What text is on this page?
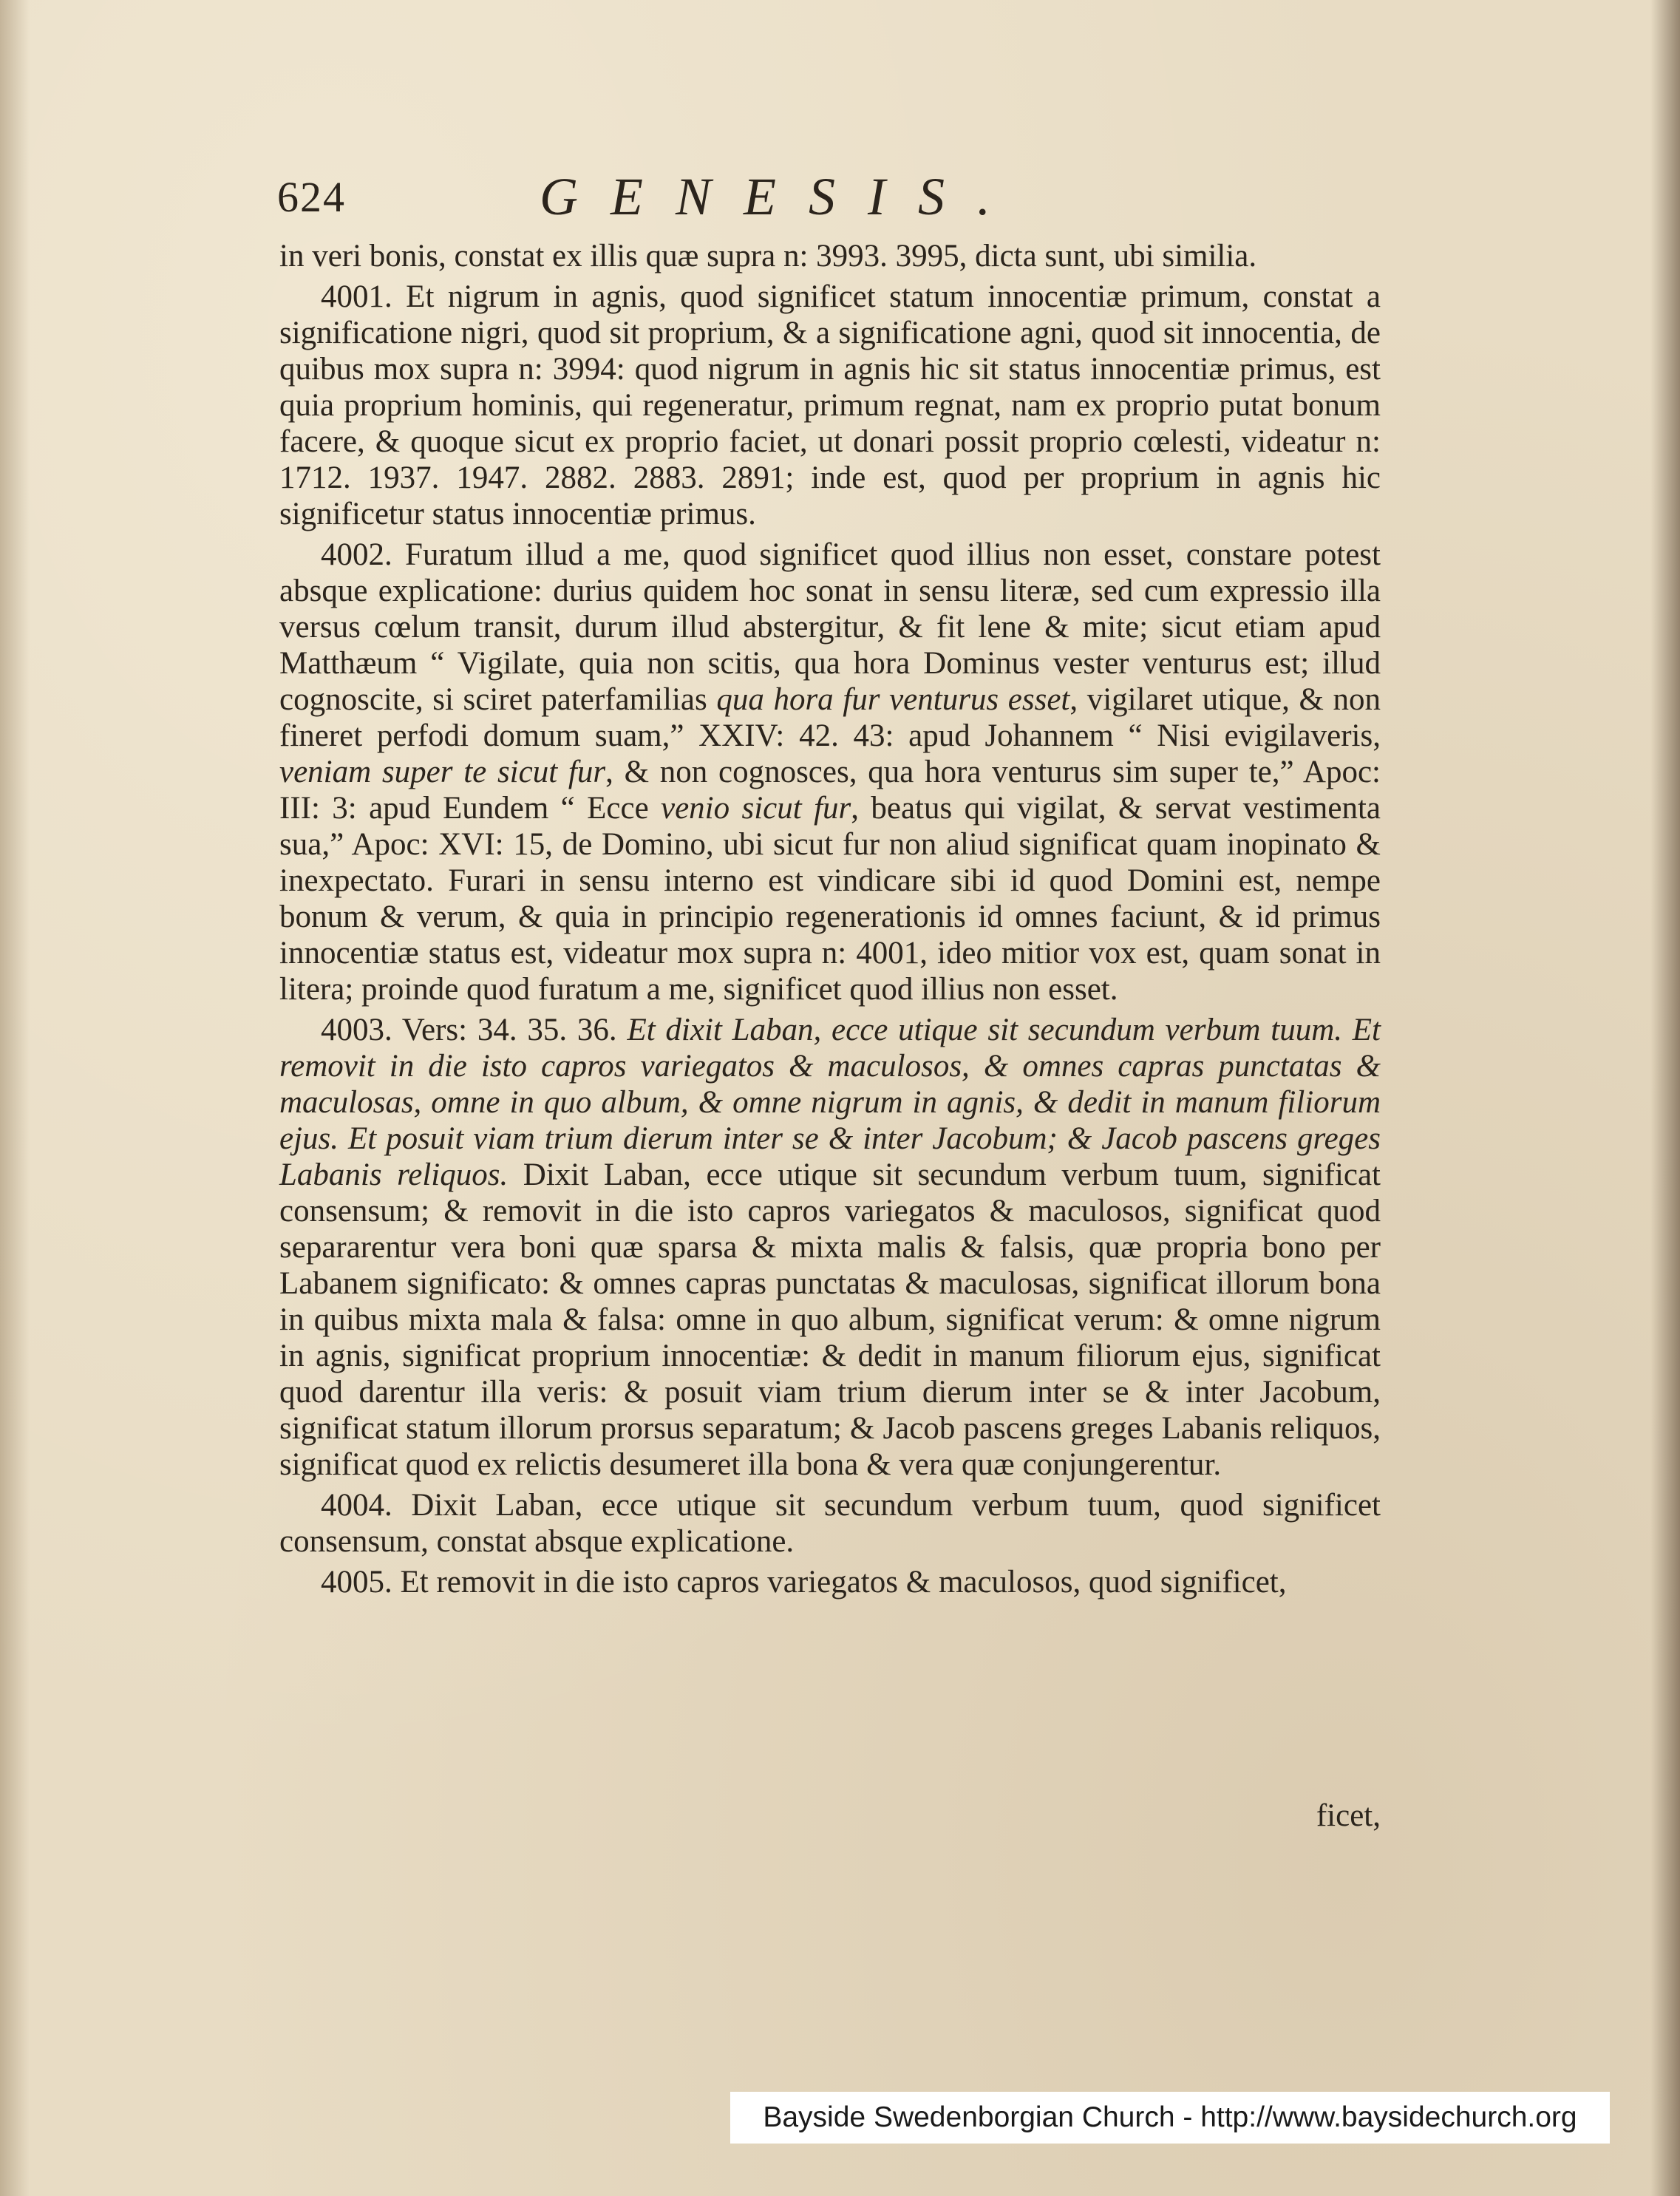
624	GENESIS.

in veri bonis, constat ex illis quæ supra n: 3993. 3995, dicta sunt, ubi similia.

4001. Et nigrum in agnis, quod significet statum innocentiæ primum, constat a significatione nigri, quod sit proprium, & a significatione agni, quod sit innocentia, de quibus mox supra n: 3994: quod nigrum in agnis hic sit status innocentiæ primus, est quia proprium hominis, qui regeneratur, primum regnat, nam ex proprio putat bonum facere, & quoque sicut ex proprio faciet, ut donari possit proprio cœlesti, videatur n: 1712. 1937. 1947. 2882. 2883. 2891; inde est, quod per proprium in agnis hic significetur status innocentiæ primus.

4002. Furatum illud a me, quod significet quod illius non esset, constare potest absque explicatione: durius quidem hoc sonat in sensu literæ, sed cum expressio illa versus cœlum transit, durum illud abstergitur, & fit lene & mite; sicut etiam apud Matthæum “ Vigilate, quia non scitis, qua hora Dominus vester venturus est; illud cognoscite, si sciret paterfamilias qua hora fur venturus esset, vigilaret utique, & non fineret perfodi domum suam,” XXIV: 42. 43: apud Johannem “ Nisi evigilaveris, veniam super te sicut fur, & non cognosces, qua hora venturus sim super te,” Apoc: III: 3: apud Eundem “ Ecce venio sicut fur, beatus qui vigilat, & servat vestimenta sua,” Apoc: XVI: 15, de Domino, ubi sicut fur non aliud significat quam inopinato & inexpectato. Furari in sensu interno est vindicare sibi id quod Domini est, nempe bonum & verum, & quia in principio regenerationis id omnes faciunt, & id primus innocentiæ status est, videatur mox supra n: 4001, ideo mitior vox est, quam sonat in litera; proinde quod furatum a me, significet quod illius non esset.

4003. Vers: 34. 35. 36. Et dixit Laban, ecce utique sit secundum verbum tuum. Et removit in die isto capros variegatos & maculosos, & omnes capras punctatas & maculosas, omne in quo album, & omne nigrum in agnis, & dedit in manum filiorum ejus. Et posuit viam trium dierum inter se & inter Jacobum; & Jacob pascens greges Labanis reliquos. Dixit Laban, ecce utique sit secundum verbum tuum, significat consensum; & removit in die isto capros variegatos & maculosos, significat quod separarentur vera boni quæ sparsa & mixta malis & falsis, quæ propria bono per Labanem significato: & omnes capras punctatas & maculosas, significat illorum bona in quibus mixta mala & falsa: omne in quo album, significat verum: & omne nigrum in agnis, significat proprium innocentiæ: & dedit in manum filiorum ejus, significat quod darentur illa veris: & posuit viam trium dierum inter se & inter Jacobum, significat statum illorum prorsus separatum; & Jacob pascens greges Labanis reliquos, significat quod ex relictis desumeret illa bona & vera quæ conjungerentur.

4004. Dixit Laban, ecce utique sit secundum verbum tuum, quod significet consensum, constat absque explicatione.

4005. Et removit in die isto capros variegatos & maculosos, quod significet,

ficet,
Bayside Swedenborgian Church - http://www.baysidechurch.org
